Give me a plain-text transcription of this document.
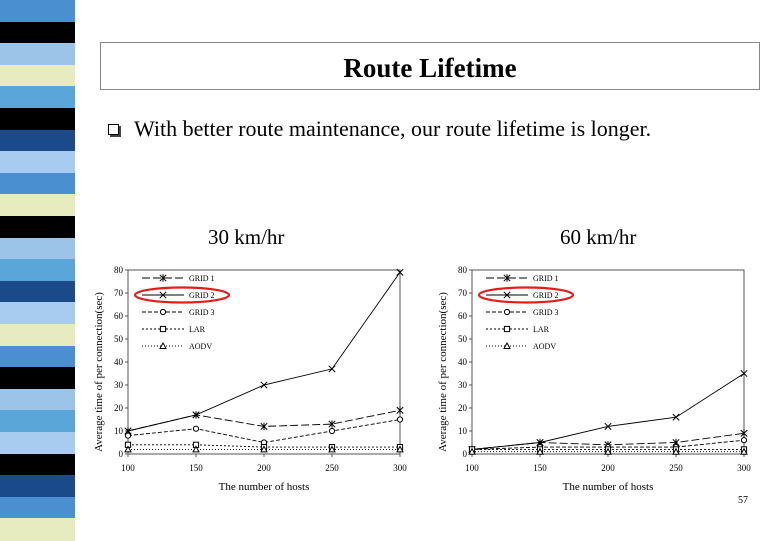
Route Lifetime
With better route maintenance, our route lifetime is longer.
30 km/hr	60 km/hr
0
10
20
30
40
50
60
70
80
100	150	200	250	300
The number of hosts
Average time of per connection(sec)
GRID 1
GRID 2
GRID 3
LAR
AODV
0
10
20
30
40
50
60
70
80
100	150	200	250	300
The number of hosts
Average time of per connection(sec)
GRID 1
GRID 2
GRID 3
LAR
AODV
57
